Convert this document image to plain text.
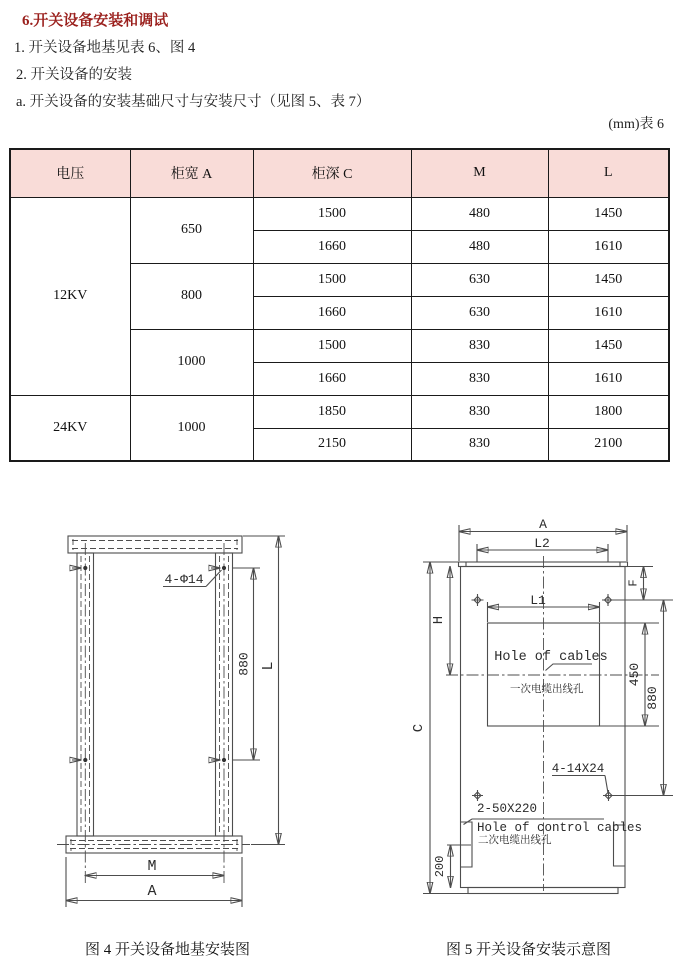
6.开关设备安装和调试
1. 开关设备地基见表 6、图 4
2. 开关设备的安装
a. 开关设备的安装基础尺寸与安装尺寸（见图 5、表 7）
(mm)表 6
电压	柜宽 A	柜深 C	M	L
12KV	650	1500	480	1450
		1660	480	1610
	800	1500	630	1450
		1660	630	1610
	1000	1500	830	1450
		1660	830	1610
24KV	1000	1850	830	1800
		2150	830	2100
4-Φ14
880 L
M
A
A
L2
L1
H
C
F
450
880
200
Hole of cables
一次电缆出线孔
4-14X24
2-50X220
Hole of control cables
二次电缆出线孔
图 4 开关设备地基安装图	图 5 开关设备安装示意图
